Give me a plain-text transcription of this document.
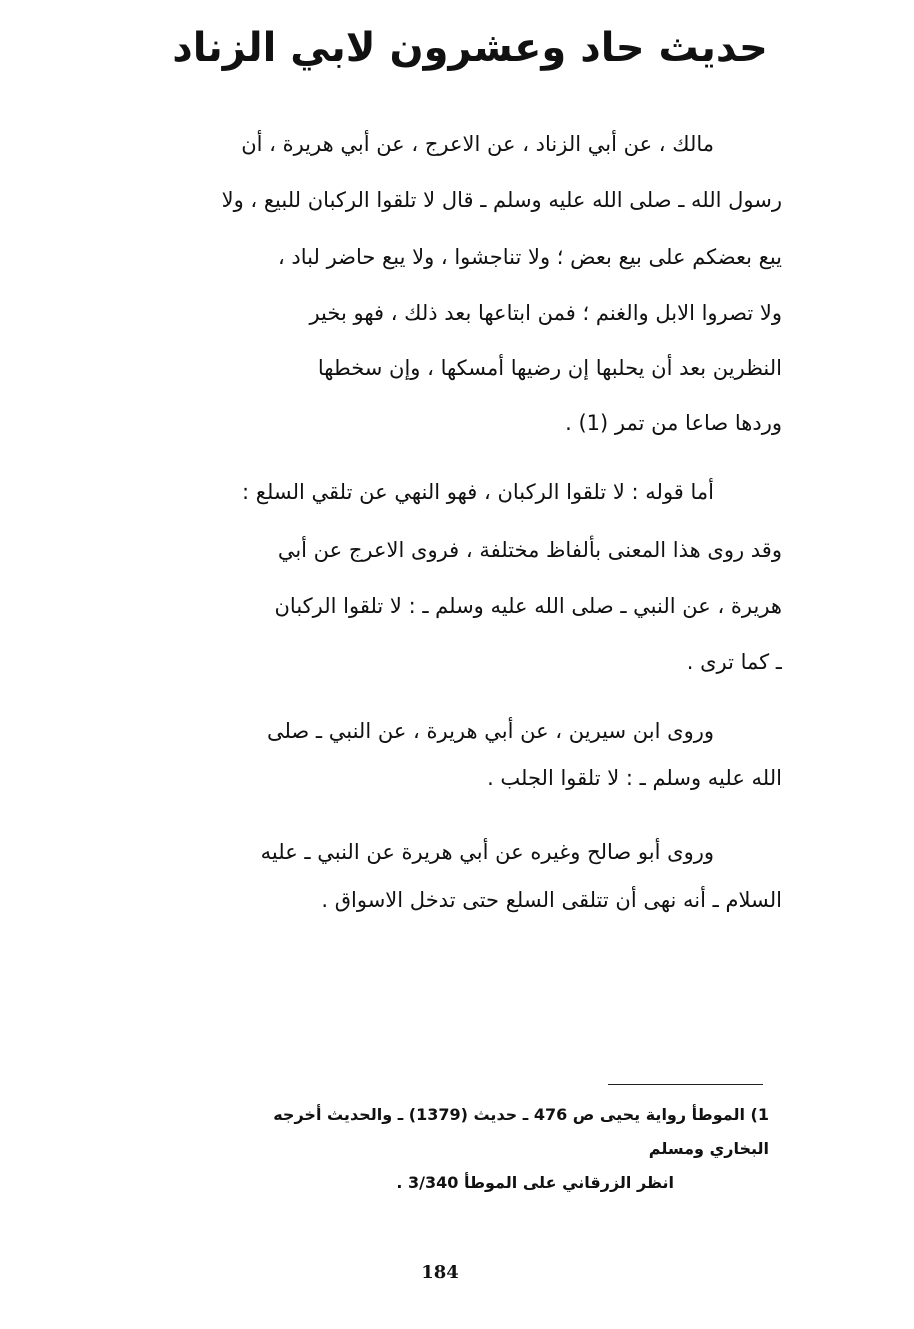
حديث حاد وعشرون لابي الزناد
مالك ، عن أبي الزناد ، عن الاعرج ، عن أبي هريرة ، أن
رسول الله ـ صلى الله عليه وسلم ـ قال لا تلقوا الركبان للبيع ، ولا
يبع بعضكم على بيع بعض ؛ ولا تناجشوا ، ولا يبع حاضر لباد ،
ولا تصروا الابل والغنم ؛ فمن ابتاعها بعد ذلك ، فهو بخير
النظرين بعد أن يحلبها إن رضيها أمسكها ، وإن سخطها
وردها صاعا من تمر (1) .
أما قوله : لا تلقوا الركبان ، فهو النهي عن تلقي السلع :
وقد روى هذا المعنى بألفاظ مختلفة ، فروى الاعرج عن أبي
هريرة ، عن النبي ـ صلى الله عليه وسلم ـ : لا تلقوا الركبان
ـ كما ترى .
وروى ابن سيرين ، عن أبي هريرة ، عن النبي ـ صلى
الله عليه وسلم ـ : لا تلقوا الجلب .
وروى أبو صالح وغيره عن أبي هريرة عن النبي ـ عليه
السلام ـ أنه نهى أن تتلقى السلع حتى تدخل الاسواق .
1) الموطأ رواية يحيى ص 476 ـ حديث (1379) ـ والحديث أخرجه
البخاري ومسلم
انظر الزرقاني على الموطأ 3/340 .
184
